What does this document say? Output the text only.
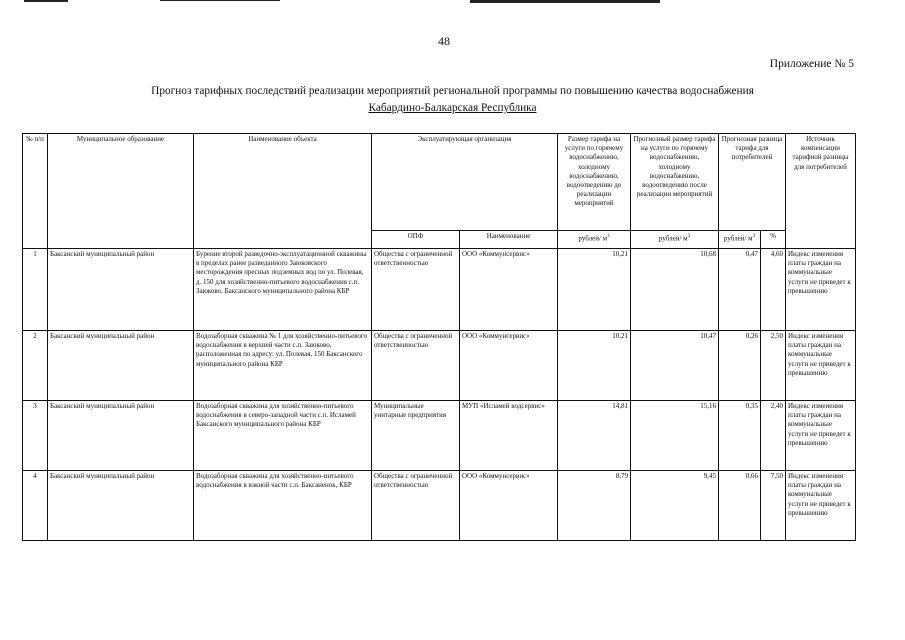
48
Приложение № 5
Прогноз тарифных последствий реализации мероприятий региональной программы по повышению качества водоснабжения
Кабардино-Балкарская Республика
№ п/п	Муниципальное образование	Наименование объекта	Эксплуатирующая организация		Размер тарифа на услуги по горячему водоснабжению, холодному водоснабжению, водоотведению до реализации мероприятий	Прогнозный размер тарифа на услуги по горячему водоснабжению, холодному водоснабжению, водоотведению после реализации мероприятий	Прогнозная разница тарифа для потребителей		Источник компенсации тарифной разницы для потребителей
			ОПФ	Наименование	рублей/ $м^3$	рублей/ $м^3$	рублей/ $м^3$	%	
1	Баксанский муниципальный район	Бурение второй разведочно-эксплуатационной скважины в пределах ранее разведанного Заюковского месторождения пресных подземных вод по ул. Полевая, д. 150 для хозяйственно-питьевого водоснабжения с.п. Заюково, Баксанского муниципального района КБР	Общества с ограниченной ответственностью	ООО «Коммунсервис»	10,21	10,68	0,47	4,60	Индекс изменения платы граждан на коммунальные услуги не приведет к превышению
2	Баксанский муниципальный район	Водозаборная скважина № 1 для хозяйственно-питьевого водоснабжения в верхней части с.п. Заюково, расположенная по адресу: ул. Полевая, 150 Баксанского муниципального района КБР	Общества с ограниченной ответственностью	ООО «Коммунсервис»	10,21	10,47	0,26	2,50	Индекс изменения платы граждан на коммунальные услуги не приведет к превышению
3	Баксанский муниципальный район	Водозаборная скважина для хозяйственно-питьевого водоснабжения в северо-западной части с.п. Исламей Баксанского муниципального района КБР	Муниципальные унитарные предприятия	МУП «Исламей водсервис»	14,81	15,16	0,35	2,40	Индекс изменения платы граждан на коммунальные услуги не приведет к превышению
4	Баксанский муниципальный район	Водозаборная скважина для хозяйственно-питьевого водоснабжения в южной части с.п. Баксаненок, КБР	Общества с ограниченной ответственностью	ООО «Коммунсервис»	8,79	9,45	0,66	7,50	Индекс изменения платы граждан на коммунальные услуги не приведет к превышению
